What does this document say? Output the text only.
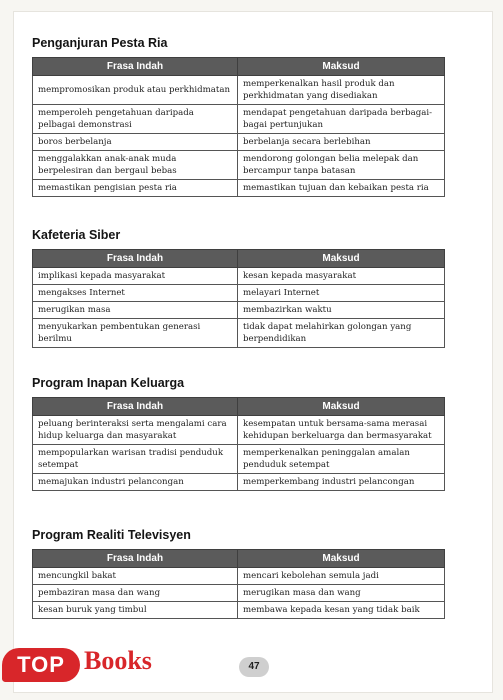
Penganjuran Pesta Ria
Frasa Indah	Maksud
mempromosikan produk atau perkhidmatan	memperkenalkan hasil produk dan perkhidmatan yang disediakan
memperoleh pengetahuan daripada pelbagai demonstrasi	mendapat pengetahuan daripada berbagai-bagai pertunjukan
boros berbelanja	berbelanja secara berlebihan
menggalakkan anak-anak muda berpelesiran dan bergaul bebas	mendorong golongan belia melepak dan bercampur tanpa batasan
memastikan pengisian pesta ria	memastikan tujuan dan kebaikan pesta ria
Kafeteria Siber
Frasa Indah	Maksud
implikasi kepada masyarakat	kesan kepada masyarakat
mengakses Internet	melayari Internet
merugikan masa	membazirkan waktu
menyukarkan pembentukan generasi berilmu	tidak dapat melahirkan golongan yang berpendidikan
Program Inapan Keluarga
Frasa Indah	Maksud
peluang berinteraksi serta mengalami cara hidup keluarga dan masyarakat	kesempatan untuk bersama-sama merasai kehidupan berkeluarga dan bermasyarakat
mempopularkan warisan tradisi penduduk setempat	memperkenalkan peninggalan amalan penduduk setempat
memajukan industri pelancongan	memperkembang industri pelancongan
Program Realiti Televisyen
Frasa Indah	Maksud
mencungkil bakat	mencari kebolehan semula jadi
pembaziran masa dan wang	merugikan masa dan wang
kesan buruk yang timbul	membawa kepada kesan yang tidak baik
TOP Books	47
